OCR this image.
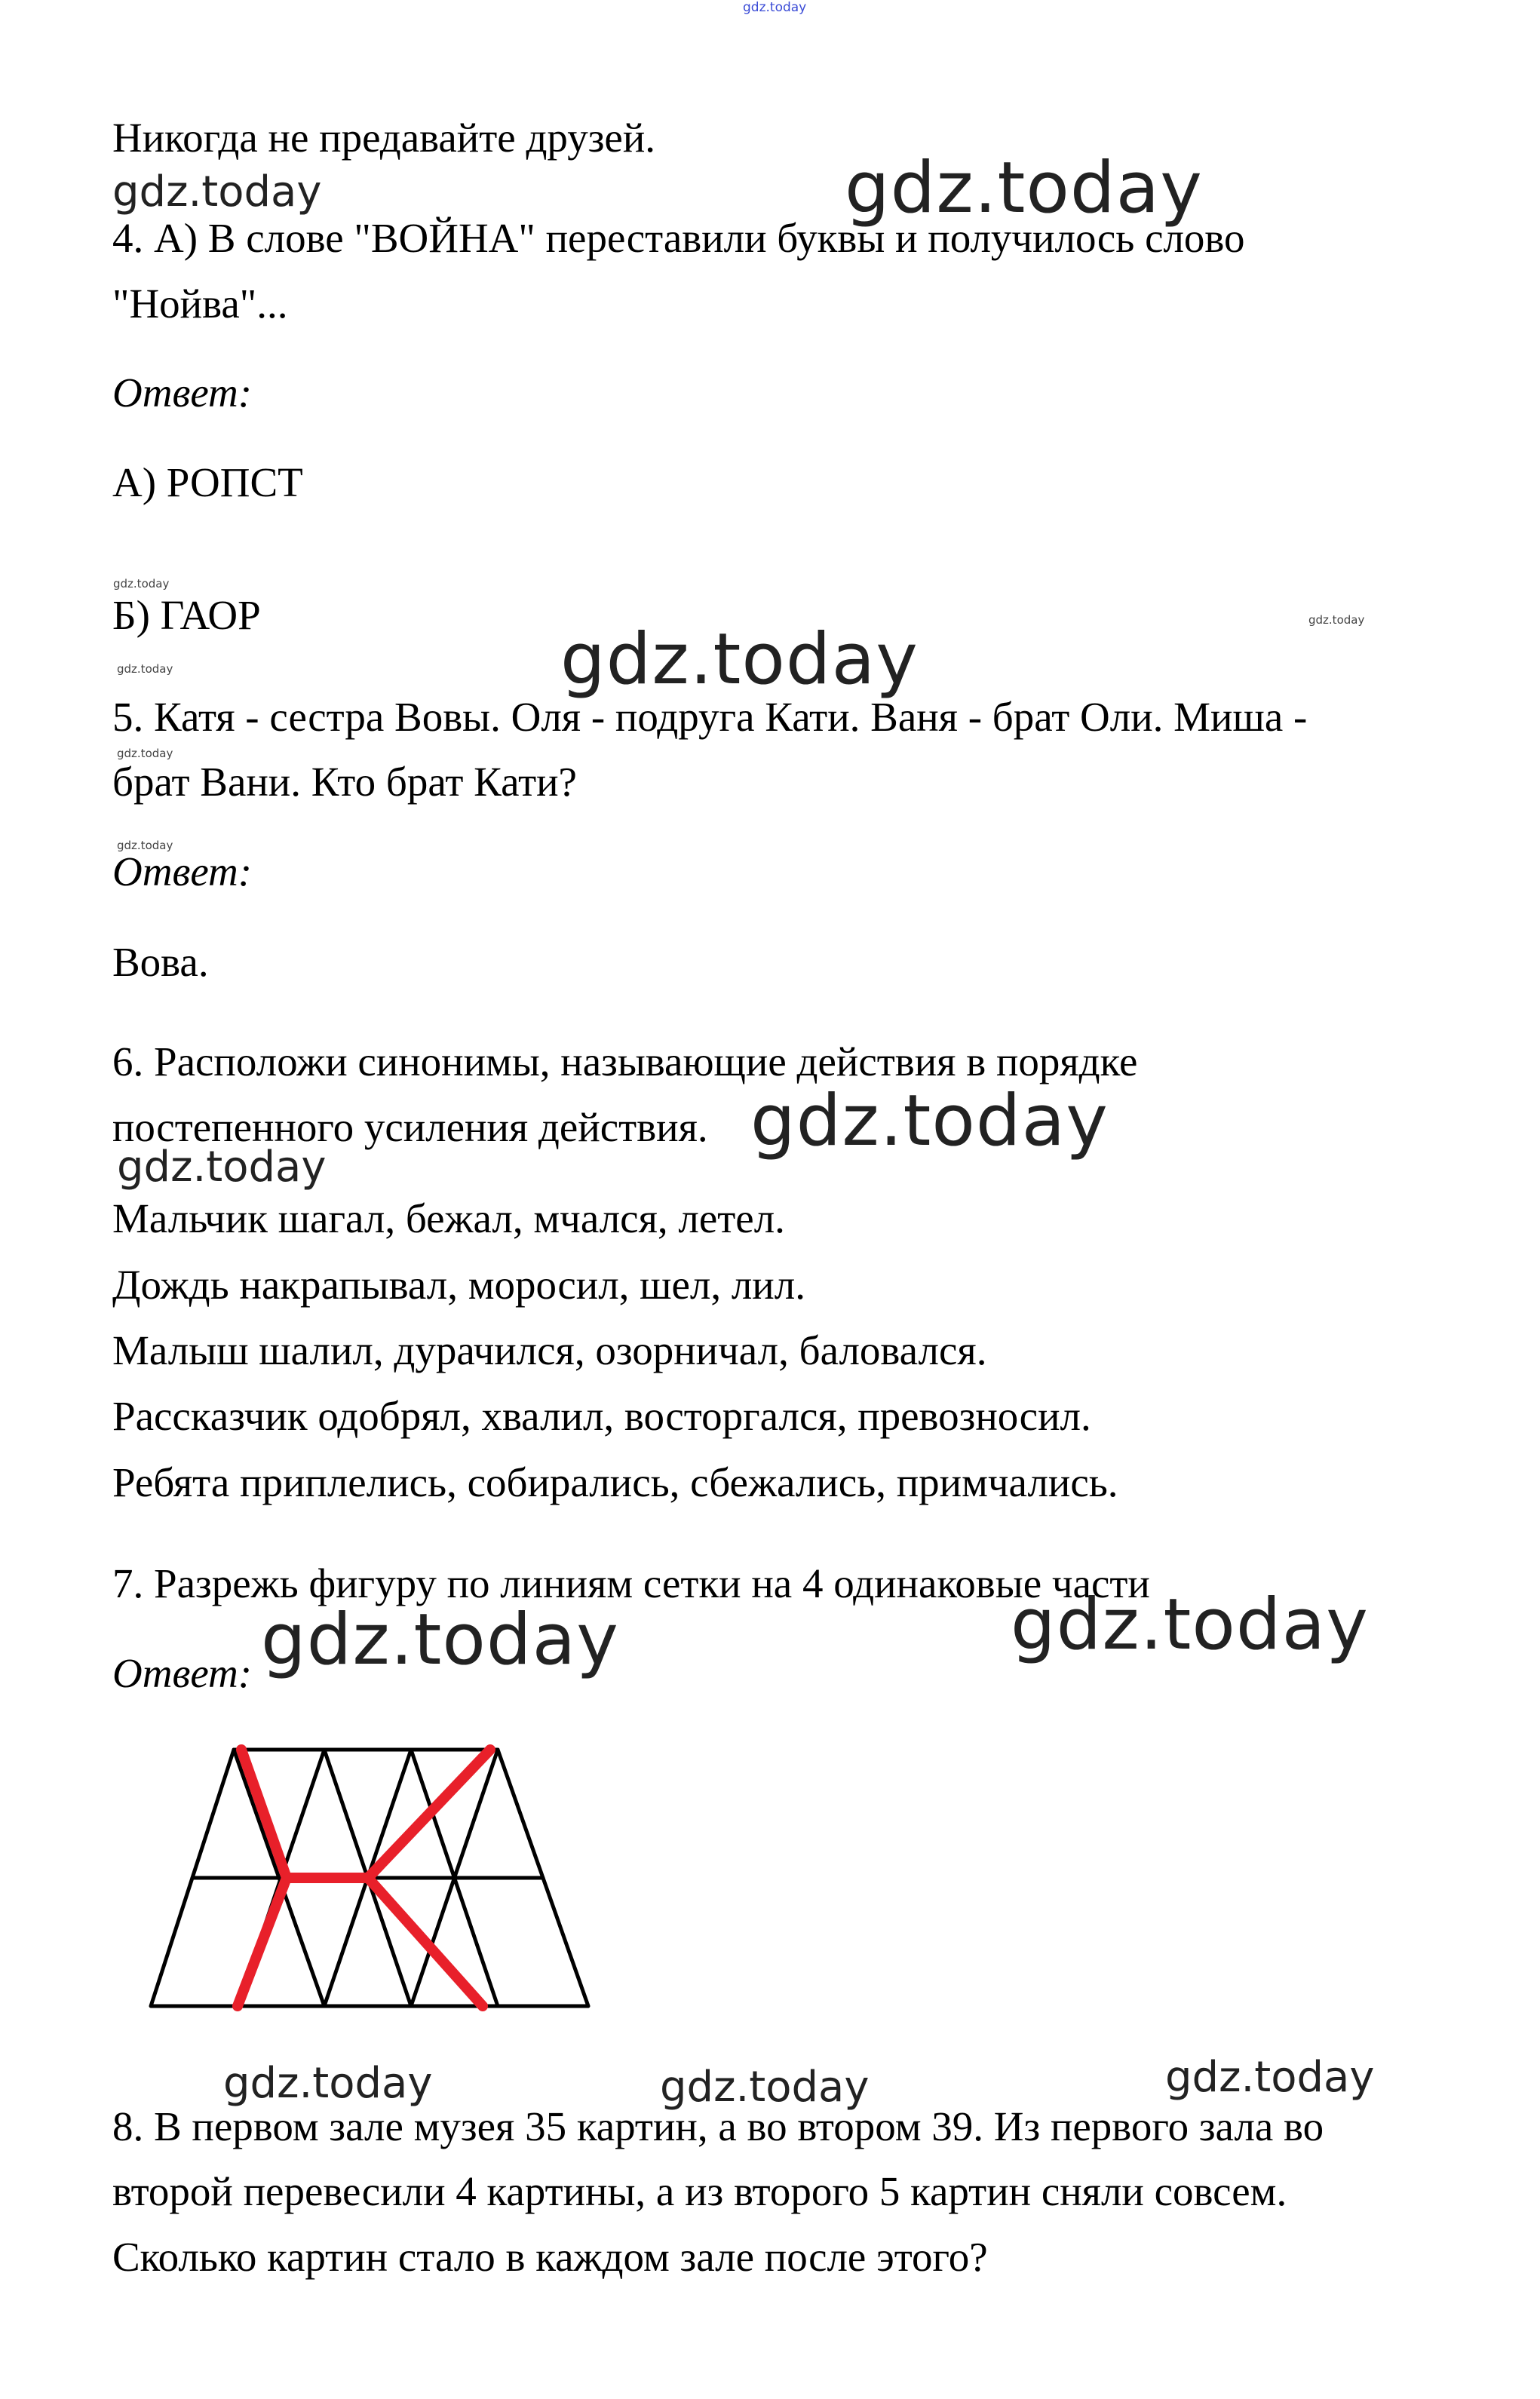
gdz.today
Никогда не предавайте друзей.
4. А) В слове "ВОЙНА" переставили буквы и получилось слово
"Нойва"...
Ответ:
А) РОПСТ
Б) ГАОР
5. Катя - сестра Вовы. Оля - подруга Кати. Ваня - брат Оли. Миша -
брат Вани. Кто брат Кати?
Ответ:
Вова.
6. Расположи синонимы, называющие действия в порядке
постепенного усиления действия.
Мальчик шагал, бежал, мчался, летел.
Дождь накрапывал, моросил, шел, лил.
Малыш шалил, дурачился, озорничал, баловался.
Рассказчик одобрял, хвалил, восторгался, превозносил.
Ребята приплелись, собирались, сбежались, примчались.
7. Разрежь фигуру по линиям сетки на 4 одинаковые части
Ответ:
8. В первом зале музея 35 картин, а во втором 39. Из первого зала во
второй перевесили 4 картины, а из второго 5 картин сняли совсем.
Сколько картин стало в каждом зале после этого?
gdz.today	gdz.today
gdz.today
gdz.today
gdz.today
gdz.today
gdz.today
gdz.today
gdz.today
gdz.today
gdz.today	gdz.today
gdz.today	gdz.today	gdz.today
